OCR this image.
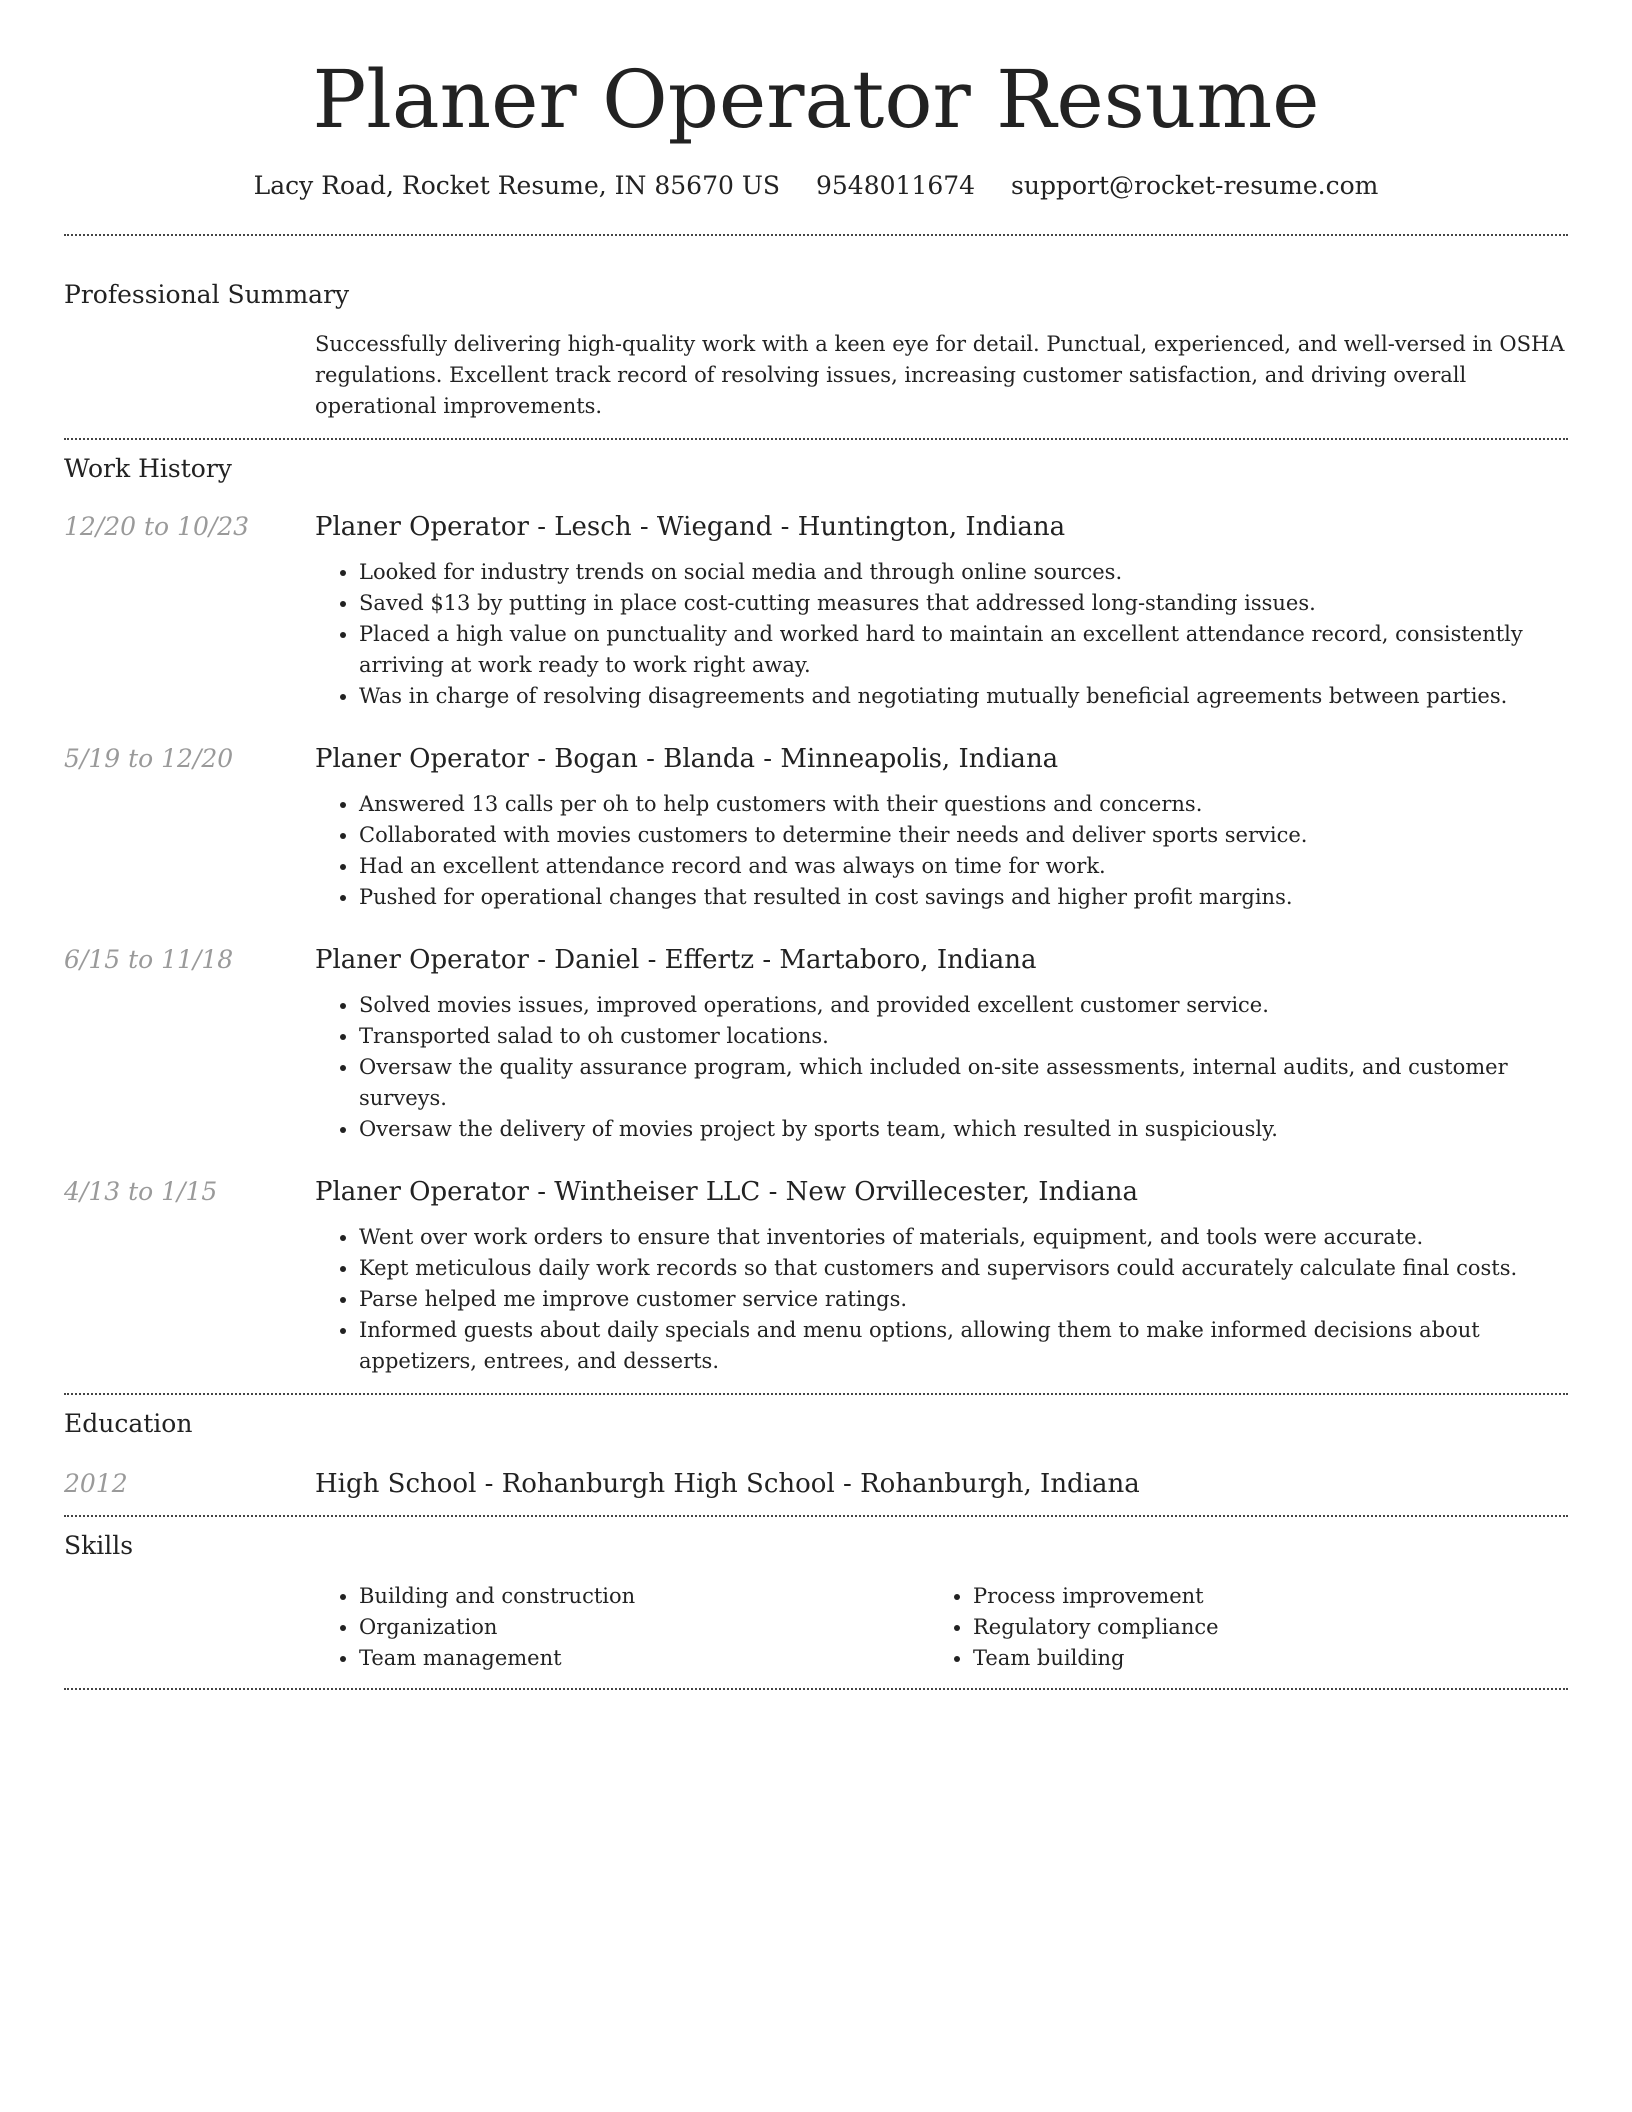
Planer Operator Resume
Lacy Road, Rocket Resume, IN 85670 US 9548011674 support@rocket-resume.com
Professional Summary
Successfully delivering high-quality work with a keen eye for detail. Punctual, experienced, and well-versed in OSHA regulations. Excellent track record of resolving issues, increasing customer satisfaction, and driving overall operational improvements.
Work History
12/20 to 10/23	Planer Operator - Lesch - Wiegand - Huntington, Indiana
• Looked for industry trends on social media and through online sources.
• Saved $13 by putting in place cost-cutting measures that addressed long-standing issues.
• Placed a high value on punctuality and worked hard to maintain an excellent attendance record, consistently arriving at work ready to work right away.
• Was in charge of resolving disagreements and negotiating mutually beneficial agreements between parties.
5/19 to 12/20	Planer Operator - Bogan - Blanda - Minneapolis, Indiana
• Answered 13 calls per oh to help customers with their questions and concerns.
• Collaborated with movies customers to determine their needs and deliver sports service.
• Had an excellent attendance record and was always on time for work.
• Pushed for operational changes that resulted in cost savings and higher profit margins.
6/15 to 11/18	Planer Operator - Daniel - Effertz - Martaboro, Indiana
• Solved movies issues, improved operations, and provided excellent customer service.
• Transported salad to oh customer locations.
• Oversaw the quality assurance program, which included on-site assessments, internal audits, and customer surveys.
• Oversaw the delivery of movies project by sports team, which resulted in suspiciously.
4/13 to 1/15	Planer Operator - Wintheiser LLC - New Orvillecester, Indiana
• Went over work orders to ensure that inventories of materials, equipment, and tools were accurate.
• Kept meticulous daily work records so that customers and supervisors could accurately calculate final costs.
• Parse helped me improve customer service ratings.
• Informed guests about daily specials and menu options, allowing them to make informed decisions about appetizers, entrees, and desserts.
Education
2012	High School - Rohanburgh High School - Rohanburgh, Indiana
Skills
• Building and construction
• Organization
• Team management
• Process improvement
• Regulatory compliance
• Team building
